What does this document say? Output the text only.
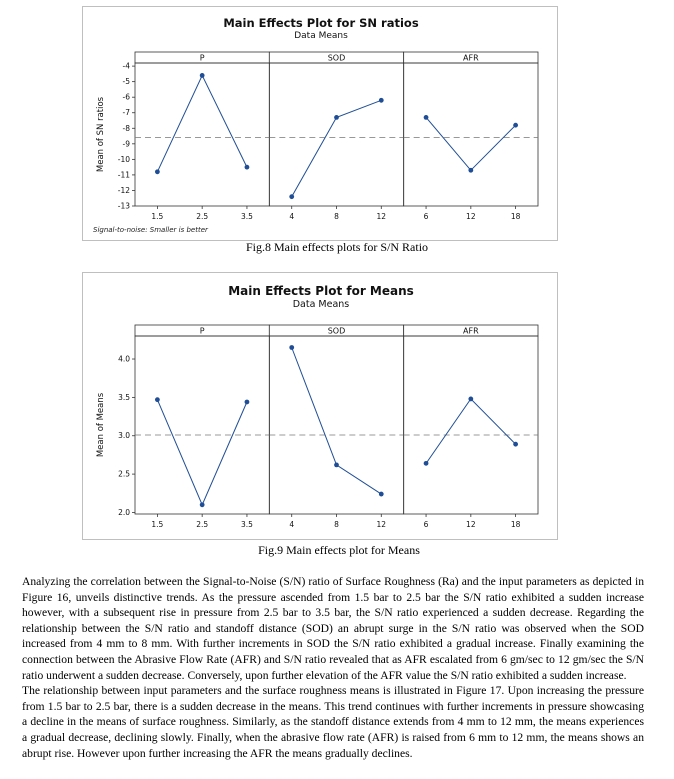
Main Effects Plot for SN ratios
Data Means
Mean of SN ratios
Signal-to-noise: Smaller is better
-4
-5
-6
-7
-8
-9
-10
-11
-12
-13
P
1.5	2.5	3.5
SOD
4	8	12
AFR
6	12	18
Fig.8 Main effects plots for S/N Ratio
Main Effects Plot for Means
Data Means
Mean of Means
2.0
2.5
3.0
3.5
4.0
P
1.5	2.5	3.5
SOD
4	8	12
AFR
6	12	18
Fig.9 Main effects plot for Means

Analyzing the correlation between the Signal-to-Noise (S/N) ratio of Surface Roughness (Ra) and the input parameters as depicted in Figure 16, unveils distinctive trends. As the pressure ascended from 1.5 bar to 2.5 bar the S/N ratio exhibited a sudden increase however, with a subsequent rise in pressure from 2.5 bar to 3.5 bar, the S/N ratio experienced a sudden decrease. Regarding the relationship between the S/N ratio and standoff distance (SOD) an abrupt surge in the S/N ratio was observed when the SOD increased from 4 mm to 8 mm. With further increments in SOD the S/N ratio exhibited a gradual increase. Finally examining the connection between the Abrasive Flow Rate (AFR) and S/N ratio revealed that as AFR escalated from 6 gm/sec to 12 gm/sec the S/N ratio underwent a sudden decrease. Conversely, upon further elevation of the AFR value the S/N ratio exhibited a sudden increase.

The relationship between input parameters and the surface roughness means is illustrated in Figure 17. Upon increasing the pressure from 1.5 bar to 2.5 bar, there is a sudden decrease in the means. This trend continues with further increments in pressure showcasing a decline in the means of surface roughness. Similarly, as the standoff distance extends from 4 mm to 12 mm, the means experiences a gradual decrease, declining slowly. Finally, when the abrasive flow rate (AFR) is raised from 6 mm to 12 mm, the means shows an abrupt rise. However upon further increasing the AFR the means gradually declines.
